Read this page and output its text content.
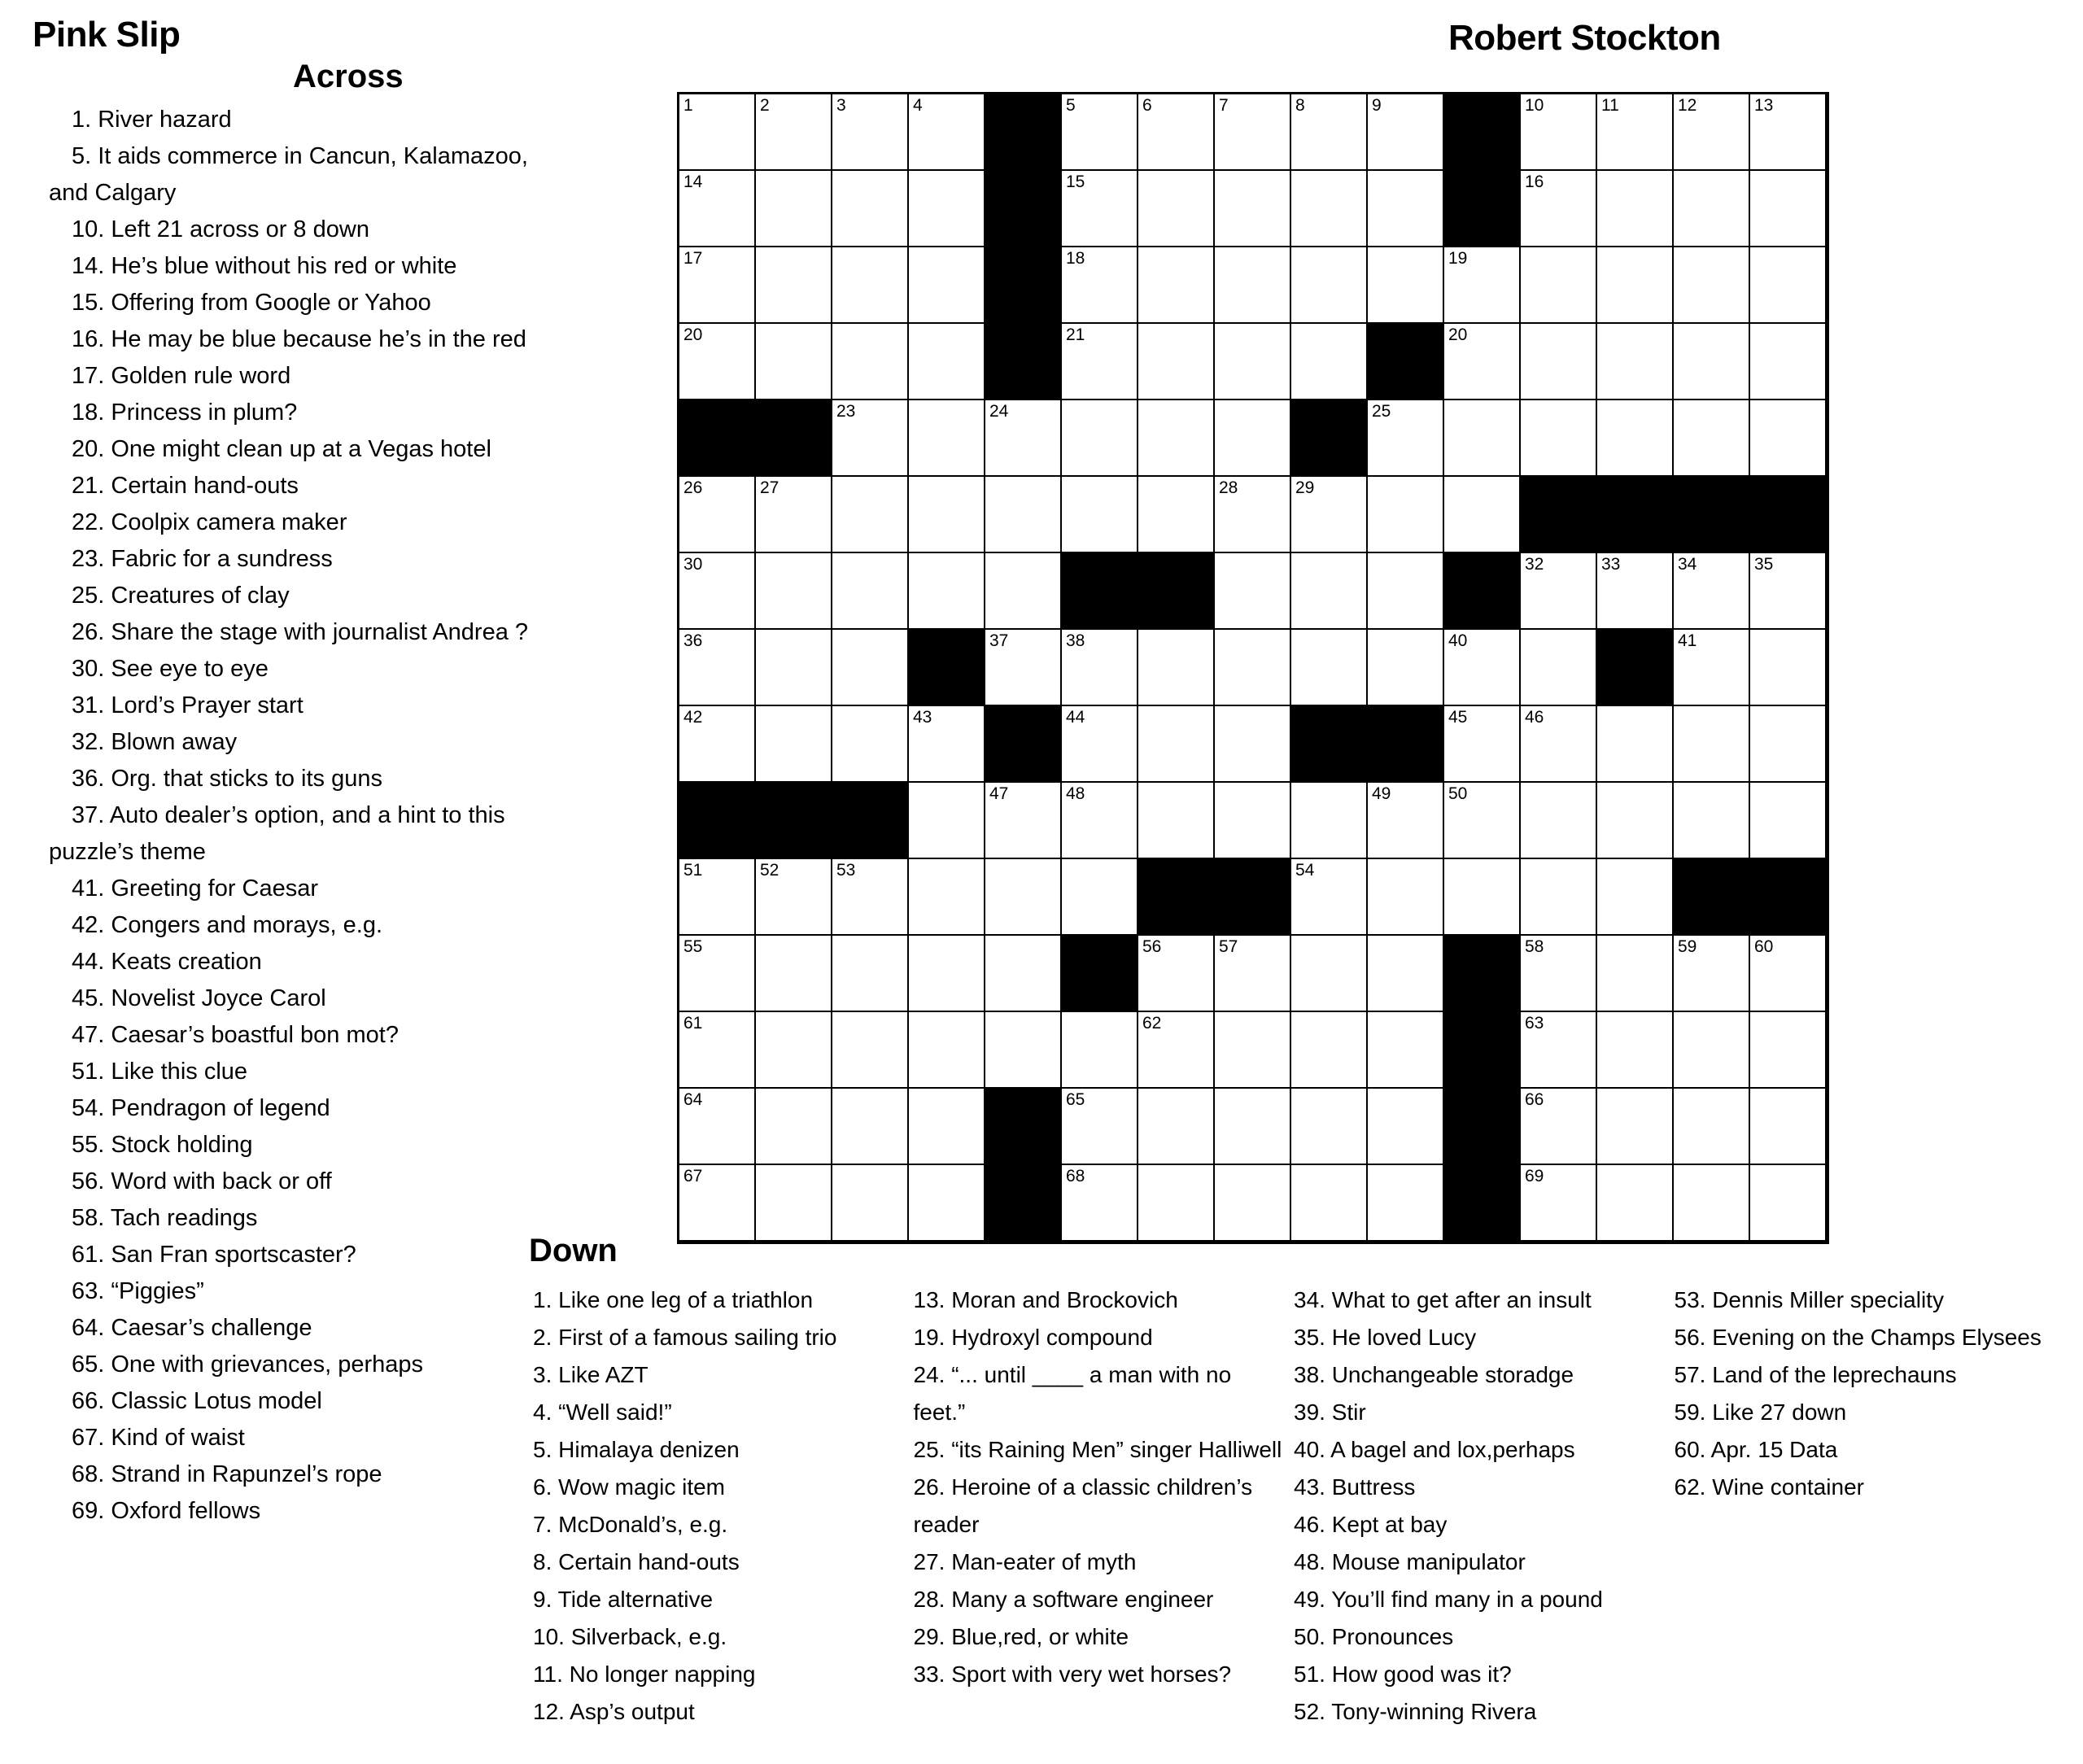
Pink Slip	Robert Stockton
Across
1. River hazard
5. It aids commerce in Cancun, Kalamazoo, and Calgary
10. Left 21 across or 8 down
14. He’s blue without his red or white
15. Offering from Google or Yahoo
16. He may be blue because he’s in the red
17. Golden rule word
18. Princess in plum?
20. One might clean up at a Vegas hotel
21. Certain hand-outs
22. Coolpix camera maker
23. Fabric for a sundress
25. Creatures of clay
26. Share the stage with journalist Andrea ?
30. See eye to eye
31. Lord’s Prayer start
32. Blown away
36. Org. that sticks to its guns
37. Auto dealer’s option, and a hint to this puzzle’s theme
41. Greeting for Caesar
42. Congers and morays, e.g.
44. Keats creation
45. Novelist Joyce Carol
47. Caesar’s boastful bon mot?
51. Like this clue
54. Pendragon of legend
55. Stock holding
56. Word with back or off
58. Tach readings
61. San Fran sportscaster?
63. “Piggies”
64. Caesar’s challenge
65. One with grievances, perhaps
66. Classic Lotus model
67. Kind of waist
68. Strand in Rapunzel’s rope
69. Oxford fellows
1	2	3	4	5	6	7	8	9	10	11	12	13
14	15	16
17	18	19
20	21	20
23	24	25
26	27	28	29
30	32	33	34	35
36	37	38	40	41
42	43	44	45	46
47	48	49	50
51	52	53	54
55	56	57	58	59	60
61	62	63
64	65	66
67	68	69
Down
1. Like one leg of a triathlon
2. First of a famous sailing trio
3. Like AZT
4. “Well said!”
5. Himalaya denizen
6. Wow magic item
7. McDonald’s, e.g.
8. Certain hand-outs
9. Tide alternative
10. Silverback, e.g.
11. No longer napping
12. Asp’s output
13. Moran and Brockovich
19. Hydroxyl compound
24. “... until ____ a man with no feet.”
25. “its Raining Men” singer Halliwell
26. Heroine of a classic children’s reader
27. Man-eater of myth
28. Many a software engineer
29. Blue,red, or white
33. Sport with very wet horses?
34. What to get after an insult
35. He loved Lucy
38. Unchangeable storadge
39. Stir
40. A bagel and lox,perhaps
43. Buttress
46. Kept at bay
48. Mouse manipulator
49. You’ll find many in a pound
50. Pronounces
51. How good was it?
52. Tony-winning Rivera
53. Dennis Miller speciality
56. Evening on the Champs Elysees
57. Land of the leprechauns
59. Like 27 down
60. Apr. 15 Data
62. Wine container
